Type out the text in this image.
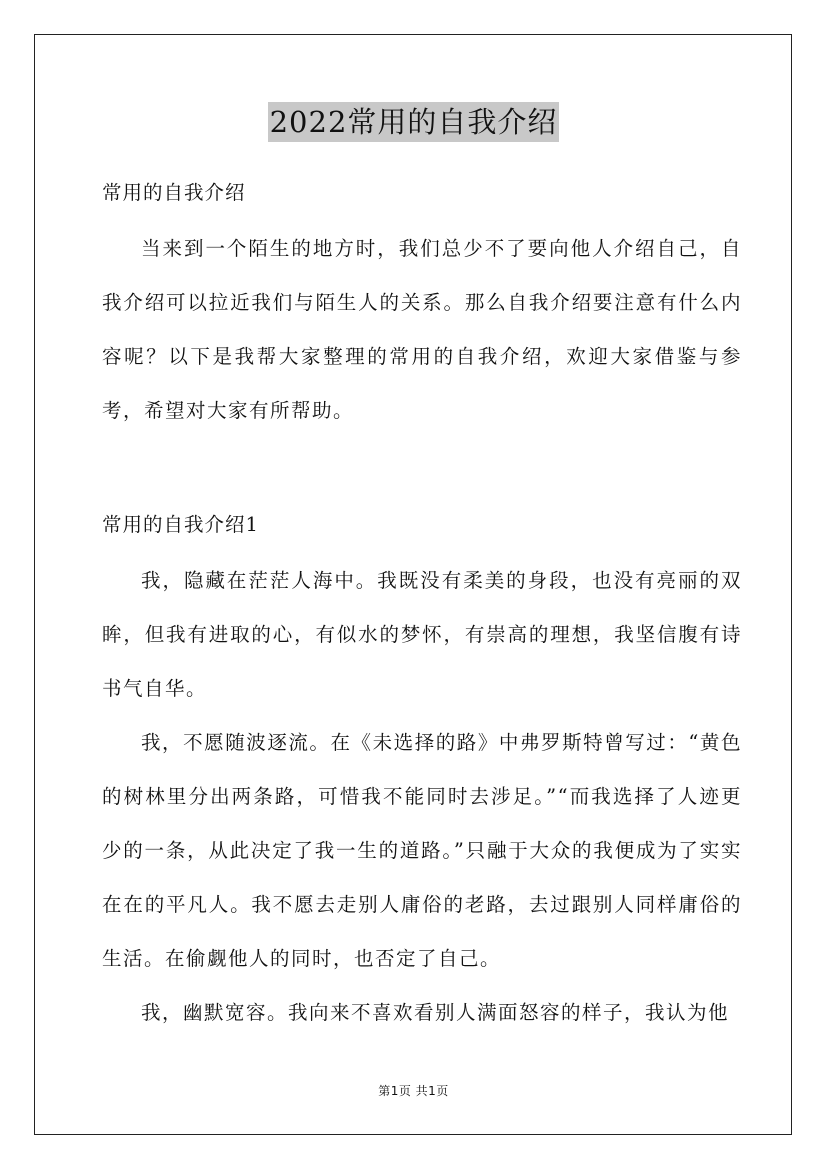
2022常用的自我介绍

常用的自我介绍

当来到一个陌生的地方时，我们总少不了要向他人介绍自己，自我介绍可以拉近我们与陌生人的关系。那么自我介绍要注意有什么内容呢？以下是我帮大家整理的常用的自我介绍，欢迎大家借鉴与参考，希望对大家有所帮助。

常用的自我介绍1

我，隐藏在茫茫人海中。我既没有柔美的身段，也没有亮丽的双眸，但我有进取的心，有似水的梦怀，有崇高的理想，我坚信腹有诗书气自华。

我，不愿随波逐流。在《未选择的路》中弗罗斯特曾写过：“黄色的树林里分出两条路，可惜我不能同时去涉足。”“而我选择了人迹更少的一条，从此决定了我一生的道路。”只融于大众的我便成为了实实在在的平凡人。我不愿去走别人庸俗的老路，去过跟别人同样庸俗的生活。在偷觑他人的同时，也否定了自己。

我，幽默宽容。我向来不喜欢看别人满面怒容的样子，我认为他

第1页 共1页
